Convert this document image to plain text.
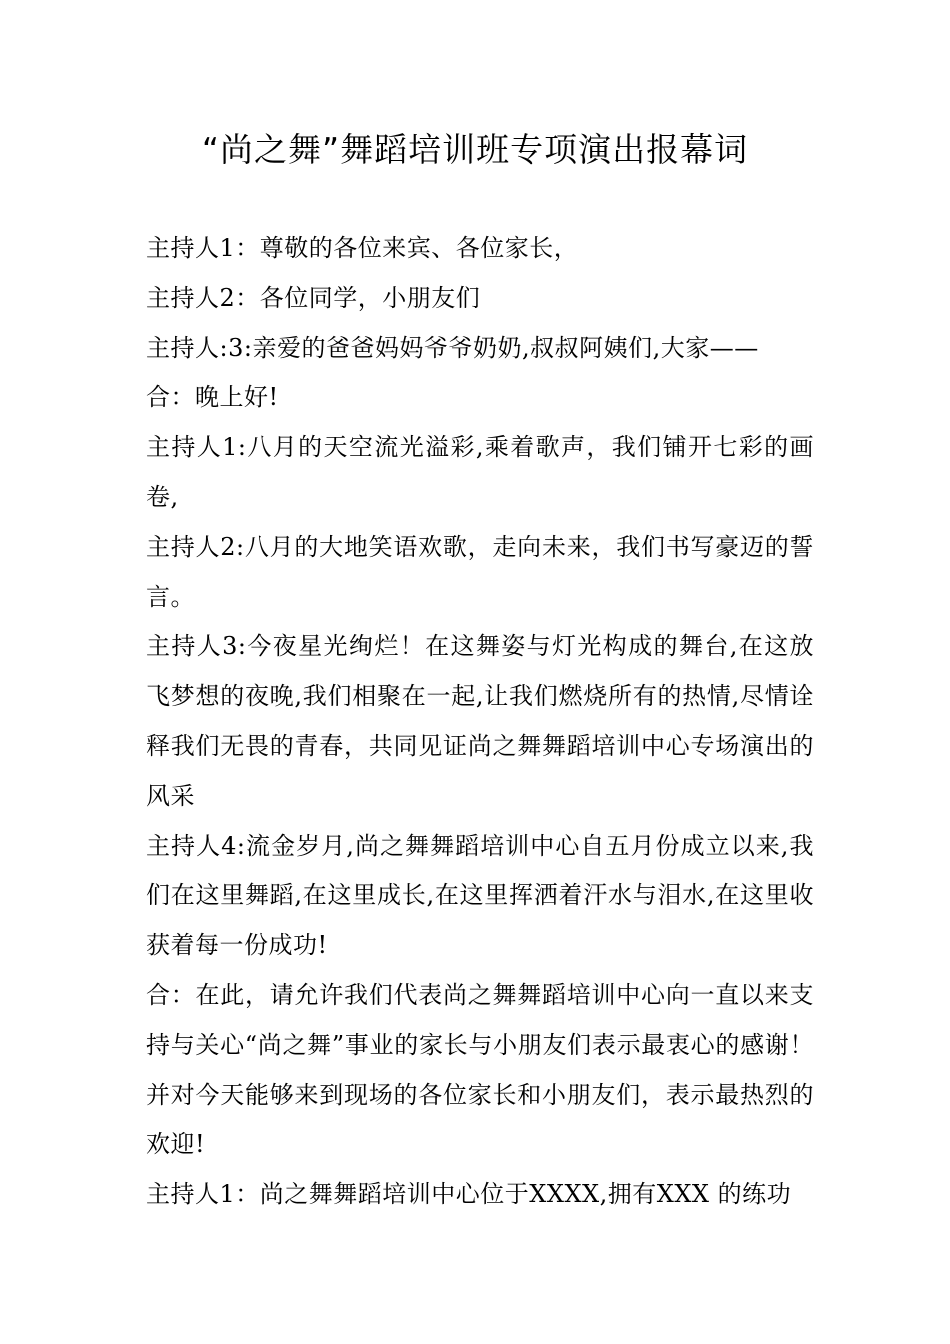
“尚之舞”舞蹈培训班专项演出报幕词

主持人1：尊敬的各位来宾、各位家长，

主持人2：各位同学，小朋友们

主持人:3:亲爱的爸爸妈妈爷爷奶奶,叔叔阿姨们,大家——

合：晚上好!

主持人1:八月的天空流光溢彩,乘着歌声，我们铺开七彩的画卷,

主持人2:八月的大地笑语欢歌，走向未来，我们书写豪迈的誓言。

主持人3:今夜星光绚烂！在这舞姿与灯光构成的舞台,在这放飞梦想的夜晚,我们相聚在一起,让我们燃烧所有的热情,尽情诠释我们无畏的青春，共同见证尚之舞舞蹈培训中心专场演出的风采

主持人4:流金岁月,尚之舞舞蹈培训中心自五月份成立以来,我们在这里舞蹈,在这里成长,在这里挥洒着汗水与泪水,在这里收获着每一份成功!

合：在此，请允许我们代表尚之舞舞蹈培训中心向一直以来支持与关心“尚之舞”事业的家长与小朋友们表示最衷心的感谢！并对今天能够来到现场的各位家长和小朋友们，表示最热烈的欢迎!

主持人1：尚之舞舞蹈培训中心位于XXXX,拥有XXX 的练功
